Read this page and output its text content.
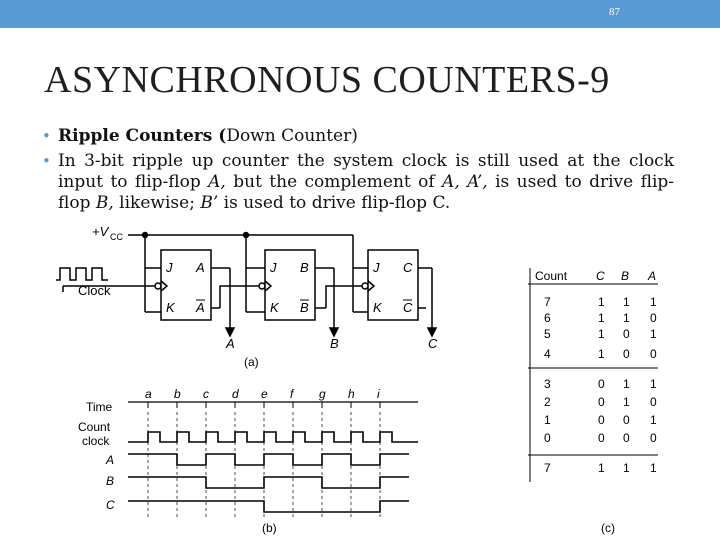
87
ASYNCHRONOUS COUNTERS-9
• Ripple Counters (Down Counter)
• In 3-bit ripple up counter the system clock is still used at the clock input to flip-flop A, but the complement of A, A’, is used to drive flip-flop B, likewise; B’ is used to drive flip-flop C.
+V CC
Clock
J
K
A
A
A
J
K
B
B
B
J
K
C
C
C
(a)
Time
Count
clock
A
B
C
a b c d e f g h i
(b)
Count C B A
7	1 1 1
6	1 1 0
5	1 0 1
4	1 0 0
3	0 1 1
2	0 1 0
1	0 0 1
0	0 0 0
7	1 1 1
(c)
